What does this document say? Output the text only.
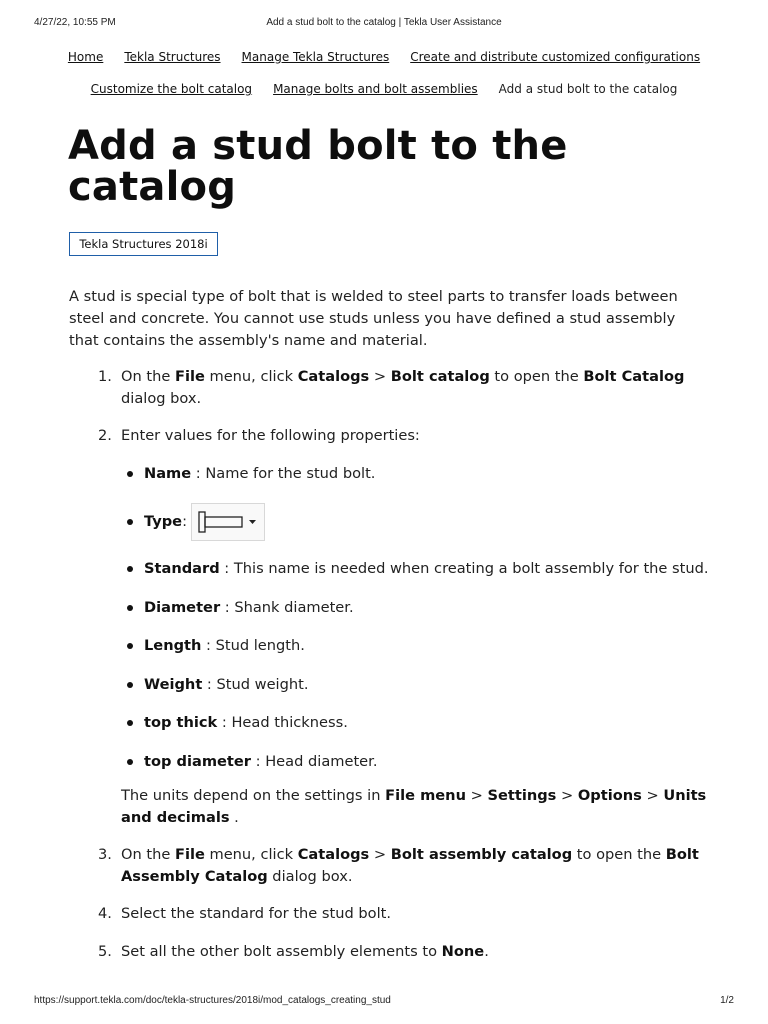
4/27/22, 10:55 PM	Add a stud bolt to the catalog | Tekla User Assistance
Home Tekla Structures Manage Tekla Structures Create and distribute customized configurations
Customize the bolt catalog Manage bolts and bolt assemblies Add a stud bolt to the catalog
Add a stud bolt to the catalog
Tekla Structures 2018i

A stud is special type of bolt that is welded to steel parts to transfer loads between steel and concrete. You cannot use studs unless you have defined a stud assembly that contains the assembly's name and material.

1. On the File menu, click Catalogs > Bolt catalog to open the Bolt Catalog dialog box.
2. Enter values for the following properties:
Name : Name for the stud bolt.
Type :
Standard : This name is needed when creating a bolt assembly for the stud.
Diameter : Shank diameter.
Length : Stud length.
Weight : Stud weight.
top thick : Head thickness.
top diameter : Head diameter.

The units depend on the settings in File menu > Settings > Options > Units and decimals .

3. On the File menu, click Catalogs > Bolt assembly catalog to open the Bolt Assembly Catalog dialog box.
4. Select the standard for the stud bolt.
5. Set all the other bolt assembly elements to None.
https://support.tekla.com/doc/tekla-structures/2018i/mod_catalogs_creating_stud	1/2
